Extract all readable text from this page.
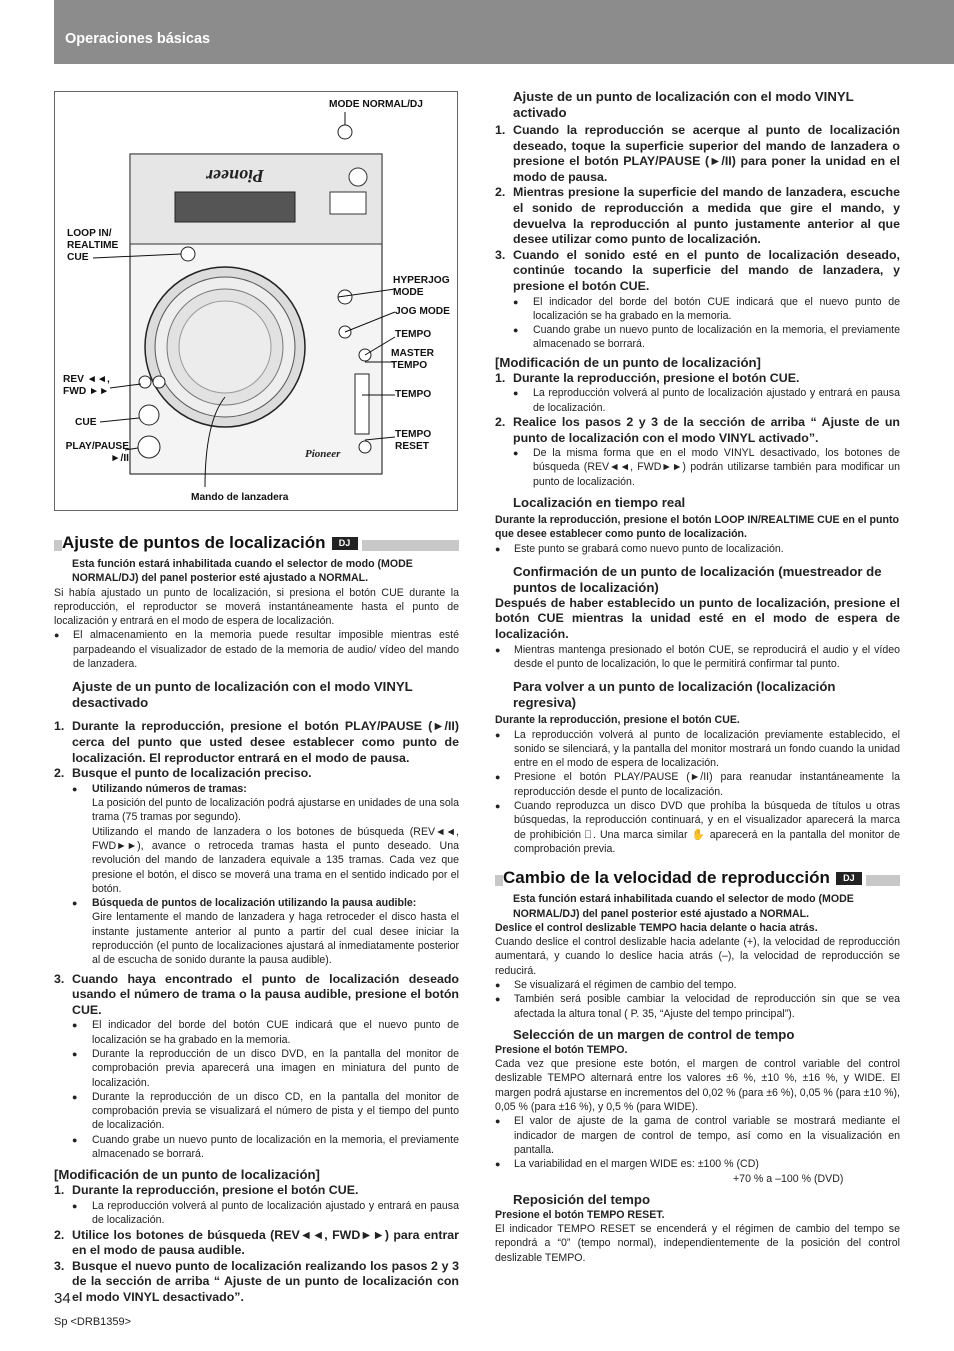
Operaciones básicas
Pioneer
Pioneer
MODE NORMAL/DJ
LOOP IN/ REALTIME CUE
HYPERJOG MODE
JOG MODE
TEMPO
MASTER TEMPO
REV ◄◄, FWD ►►	TEMPO
CUE
TEMPO RESET
PLAY/PAUSE ►/II
Mando de lanzadera
Ajuste de puntos de localización DJ

Esta función estará inhabilitada cuando el selector de modo (MODE NORMAL/DJ) del panel posterior esté ajustado a NORMAL.

Si había ajustado un punto de localización, si presiona el botón CUE durante la reproducción, el reproductor se moverá instantáneamente hasta el punto de localización y entrará en el modo de espera de localización.

● El almacenamiento en la memoria puede resultar imposible mientras esté parpadeando el visualizador de estado de la memoria de audio/ vídeo del mando de lanzadera.

Ajuste de un punto de localización con el modo VINYL desactivado

1. Durante la reproducción, presione el botón PLAY/PAUSE (►/II) cerca del punto que usted desee establecer como punto de localización. El reproductor entrará en el modo de pausa.
2. Busque el punto de localización preciso.

● Utilizando números de tramas:

La posición del punto de localización podrá ajustarse en unidades de una sola trama (75 tramas por segundo).

Utilizando el mando de lanzadera o los botones de búsqueda (REV◄◄, FWD►►), avance o retroceda tramas hasta el punto deseado. Una revolución del mando de lanzadera equivale a 135 tramas. Cada vez que presione el botón, el disco se moverá una trama en el sentido indicado por el botón.

● Búsqueda de puntos de localización utilizando la pausa audible:

Gire lentamente el mando de lanzadera y haga retroceder el disco hasta el instante justamente anterior al punto a partir del cual desee iniciar la reproducción (el punto de localizaciones ajustará al inmediatamente posterior al de escucha de sonido durante la pausa audible).

3. Cuando haya encontrado el punto de localización deseado usando el número de trama o la pausa audible, presione el botón CUE.

● El indicador del borde del botón CUE indicará que el nuevo punto de localización se ha grabado en la memoria.

● Durante la reproducción de un disco DVD, en la pantalla del monitor de comprobación previa aparecerá una imagen en miniatura del punto de localización.

● Durante la reproducción de un disco CD, en la pantalla del monitor de comprobación previa se visualizará el número de pista y el tiempo del punto de localización.

● Cuando grabe un nuevo punto de localización en la memoria, el previamente almacenado se borrará.

[Modificación de un punto de localización]

1. Durante la reproducción, presione el botón CUE.

● La reproducción volverá al punto de localización ajustado y entrará en pausa de localización.

2. Utilice los botones de búsqueda (REV◄◄, FWD►►) para entrar en el modo de pausa audible.
3. Busque el nuevo punto de localización realizando los pasos 2 y 3 de la sección de arriba “ Ajuste de un punto de localización con el modo VINYL desactivado”.

Ajuste de un punto de localización con el modo VINYL activado

1. Cuando la reproducción se acerque al punto de localización deseado, toque la superficie superior del mando de lanzadera o presione el botón PLAY/PAUSE (►/II) para poner la unidad en el modo de pausa.
2. Mientras presione la superficie del mando de lanzadera, escuche el sonido de reproducción a medida que gire el mando, y devuelva la reproducción al punto justamente anterior al que desee utilizar como punto de localización.
3. Cuando el sonido esté en el punto de localización deseado, continúe tocando la superficie del mando de lanzadera, y presione el botón CUE.

● El indicador del borde del botón CUE indicará que el nuevo punto de localización se ha grabado en la memoria.

● Cuando grabe un nuevo punto de localización en la memoria, el previamente almacenado se borrará.

[Modificación de un punto de localización]

1. Durante la reproducción, presione el botón CUE.

● La reproducción volverá al punto de localización ajustado y entrará en pausa de localización.

2. Realice los pasos 2 y 3 de la sección de arriba “ Ajuste de un punto de localización con el modo VINYL activado”.

● De la misma forma que en el modo VINYL desactivado, los botones de búsqueda (REV◄◄, FWD►►) podrán utilizarse también para modificar un punto de localización.

Localización en tiempo real

Durante la reproducción, presione el botón LOOP IN/REALTIME CUE en el punto que desee establecer como punto de localización.

● Este punto se grabará como nuevo punto de localización.

Confirmación de un punto de localización (muestreador de puntos de localización)

Después de haber establecido un punto de localización, presione el botón CUE mientras la unidad esté en el modo de espera de localización.

● Mientras mantenga presionado el botón CUE, se reproducirá el audio y el vídeo desde el punto de localización, lo que le permitirá confirmar tal punto.

Para volver a un punto de localización (localización regresiva)

Durante la reproducción, presione el botón CUE.

● La reproducción volverá al punto de localización previamente establecido, el sonido se silenciará, y la pantalla del monitor mostrará un fondo cuando la unidad entre en el modo de espera de localización.

● Presione el botón PLAY/PAUSE (►/II) para reanudar instantáneamente la reproducción desde el punto de localización.

● Cuando reproduzca un disco DVD que prohíba la búsqueda de títulos u otras búsquedas, la reproducción continuará, y en el visualizador aparecerá la marca de prohibición ⃠. Una marca similar ✋ aparecerá en la pantalla del monitor de comprobación previa.

Cambio de la velocidad de reproducción DJ

Esta función estará inhabilitada cuando el selector de modo (MODE NORMAL/DJ) del panel posterior esté ajustado a NORMAL.

Deslice el control deslizable TEMPO hacia delante o hacia atrás.

Cuando deslice el control deslizable hacia adelante (+), la velocidad de reproducción aumentará, y cuando lo deslice hacia atrás (–), la velocidad de reproducción se reducirá.

● Se visualizará el régimen de cambio del tempo.

● También será posible cambiar la velocidad de reproducción sin que se vea afectada la altura tonal ( P. 35, “Ajuste del tempo principal”).

Selección de un margen de control de tempo

Presione el botón TEMPO.

Cada vez que presione este botón, el margen de control variable del control deslizable TEMPO alternará entre los valores ±6 %, ±10 %, ±16 %, y WIDE. El margen podrá ajustarse en incrementos del 0,02 % (para ±6 %), 0,05 % (para ±10 %), 0,05 % (para ±16 %), y 0,5 % (para WIDE).

● El valor de ajuste de la gama de control variable se mostrará mediante el indicador de margen de control de tempo, así como en la visualización en pantalla.

● La variabilidad en el margen WIDE es: ±100 % (CD)

+70 % a –100 % (DVD)

Reposición del tempo

Presione el botón TEMPO RESET.

El indicador TEMPO RESET se encenderá y el régimen de cambio del tempo se repondrá a “0” (tempo normal), independientemente de la posición del control deslizable TEMPO.

34
Sp <DRB1359>
